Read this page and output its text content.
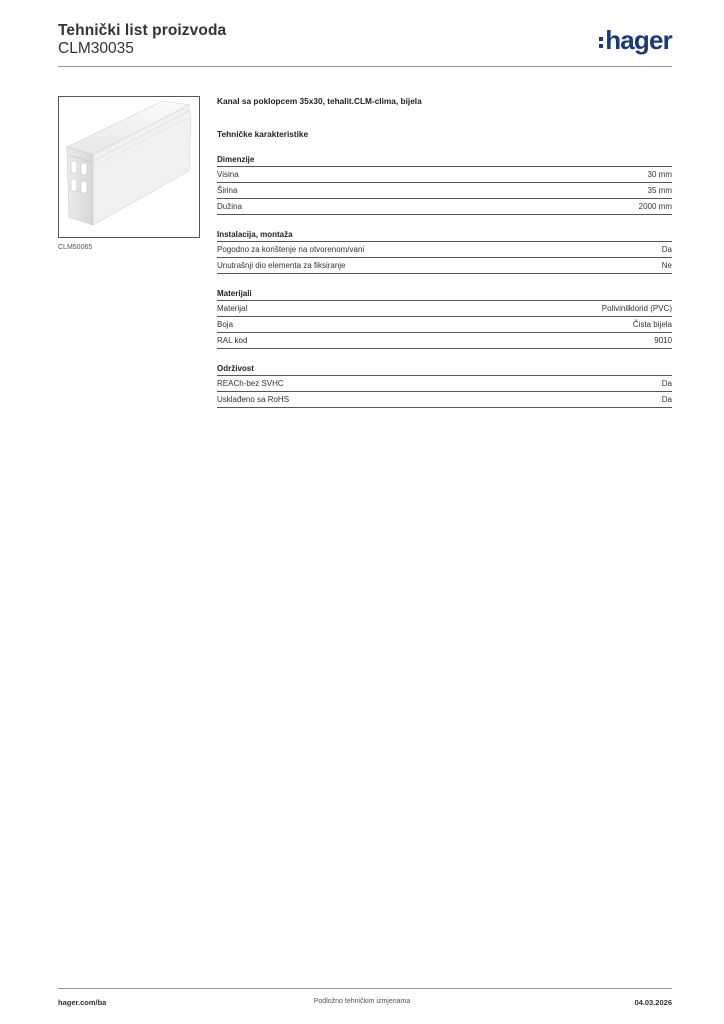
Tehnički list proizvoda
CLM30035	hager
CLM50065
Kanal sa poklopcem 35x30, tehalit.CLM-clima, bijela
Tehničke karakteristike
Dimenzije
Visina	30 mm
Širina	35 mm
Dužina	2000 mm
Instalacija, montaža
Pogodno za korištenje na otvorenom/vani	Da
Unutrašnji dio elementa za fiksiranje	Ne
Materijali
Materijal	Polivinilklorid (PVC)
Boja	Čista bijela
RAL kod	9010
Održivost
REACh-bez SVHC	Da
Usklađeno sa RoHS	Da
hager.com/ba	Podložno tehničkim izmjenama	04.03.2026
